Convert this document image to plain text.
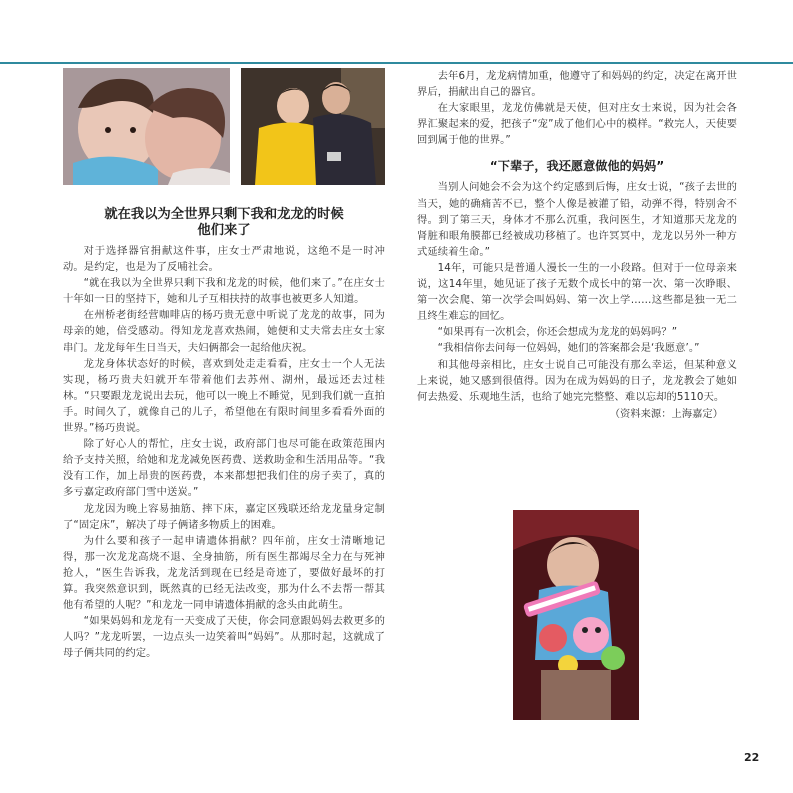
就在我以为全世界只剩下我和龙龙的时候
他们来了

对于选择器官捐献这件事，庄女士严肃地说，这绝不是一时冲动。是约定，也是为了反哺社会。

“就在我以为全世界只剩下我和龙龙的时候，他们来了。”在庄女士十年如一日的坚持下，她和儿子互相扶持的故事也被更多人知道。

在州桥老街经营咖啡店的杨巧贵无意中听说了龙龙的故事，同为母亲的她，倍受感动。得知龙龙喜欢热闹，她便和丈夫常去庄女士家串门。龙龙每年生日当天，夫妇俩都会一起给他庆祝。

龙龙身体状态好的时候，喜欢到处走走看看，庄女士一个人无法实现，杨巧贵夫妇就开车带着他们去苏州、湖州，最远还去过桂林。“只要跟龙龙说出去玩，他可以一晚上不睡觉，见到我们就一直拍手。时间久了，就像自己的儿子，希望他在有限时间里多看看外面的世界。”杨巧贵说。

除了好心人的帮忙，庄女士说，政府部门也尽可能在政策范围内给予支持关照，给她和龙龙减免医药费、送救助金和生活用品等。“我没有工作，加上昂贵的医药费，本来都想把我们住的房子卖了，真的多亏嘉定政府部门雪中送炭。”

龙龙因为晚上容易抽筋、摔下床，嘉定区残联还给龙龙量身定制了“固定床”，解决了母子俩诸多物质上的困难。

为什么要和孩子一起申请遗体捐献？四年前，庄女士清晰地记得，那一次龙龙高烧不退、全身抽筋，所有医生都竭尽全力在与死神抢人，“医生告诉我，龙龙活到现在已经是奇迹了，要做好最坏的打算。我突然意识到，既然真的已经无法改变，那为什么不去帮一帮其他有希望的人呢？”和龙龙一同申请遗体捐献的念头由此萌生。

“如果妈妈和龙龙有一天变成了天使，你会同意跟妈妈去救更多的人吗？”龙龙听罢，一边点头一边笑着叫“妈妈”。从那时起，这就成了母子俩共同的约定。

去年6月，龙龙病情加重，他遵守了和妈妈的约定，决定在离开世界后，捐献出自己的器官。

在大家眼里，龙龙仿佛就是天使，但对庄女士来说，因为社会各界汇聚起来的爱，把孩子“宠”成了他们心中的模样。“救完人，天使要回到属于他的世界。”

“下辈子，我还愿意做他的妈妈”

当别人问她会不会为这个约定感到后悔，庄女士说，“孩子去世的当天，她的确痛苦不已，整个人像是被灌了铅，动弹不得，特别舍不得。到了第三天，身体才不那么沉重，我问医生，才知道那天龙龙的肾脏和眼角膜都已经被成功移植了。也许冥冥中，龙龙以另外一种方式延续着生命。”

14年，可能只是普通人漫长一生的一小段路。但对于一位母亲来说，这14年里，她见证了孩子无数个成长中的第一次、第一次睁眼、第一次会爬、第一次学会叫妈妈、第一次上学……这些都是独一无二且终生难忘的回忆。

“如果再有一次机会，你还会想成为龙龙的妈妈吗？”

“我相信你去问每一位妈妈，她们的答案都会是‘我愿意’。”

和其他母亲相比，庄女士说自己可能没有那么幸运，但某种意义上来说，她又感到很值得。因为在成为妈妈的日子，龙龙教会了她如何去热爱、乐观地生活，也给了她完完整整、难以忘却的5110天。

（资料来源：上海嘉定）
22
